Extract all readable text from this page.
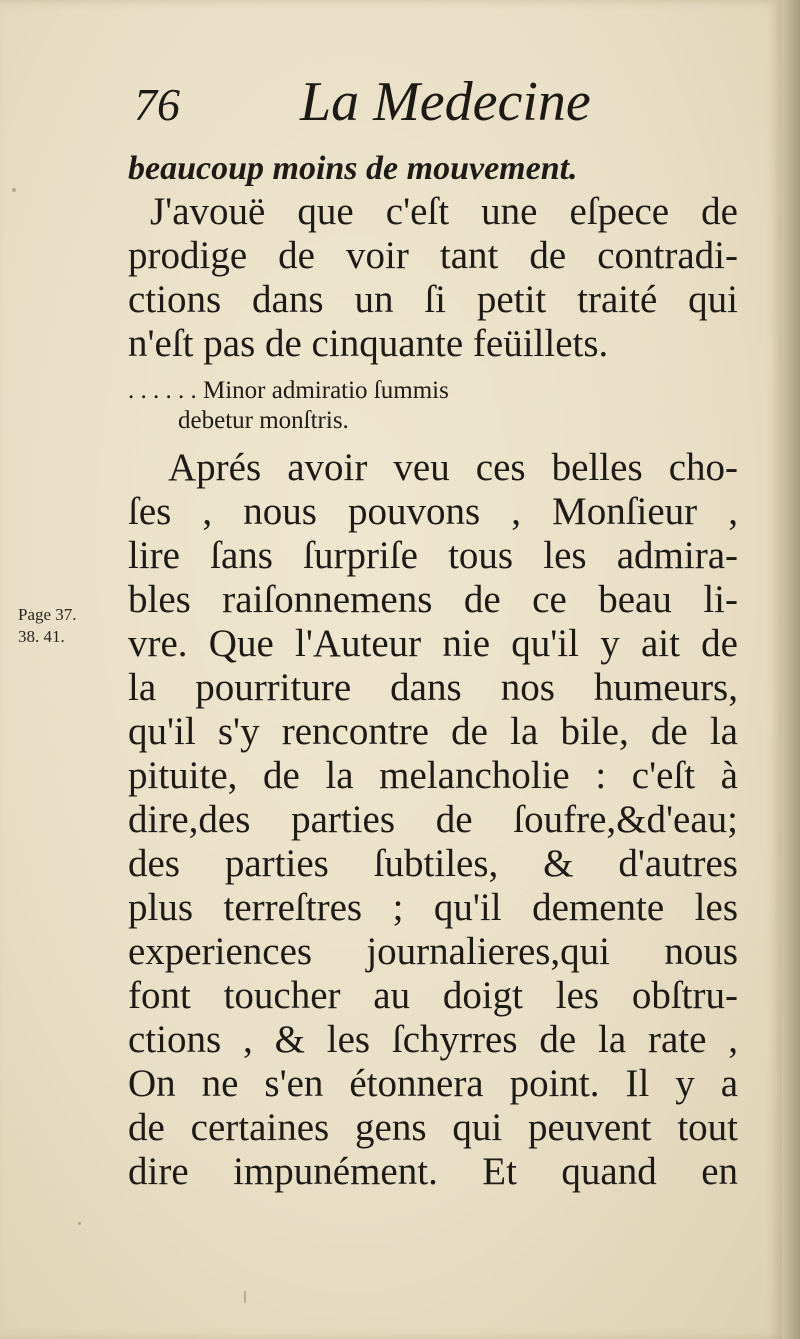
76 La Medecine
Page 37.
38. 41.
beaucoup moins de mouvement.
J'avouë que c'eſt une eſpece de
prodige de voir tant de contradi-
ctions dans un ſi petit traité qui
n'eſt pas de cinquante feüillets.
. . . . . . Minor admiratio ſummis
debetur monſtris.
Aprés avoir veu ces belles cho-
ſes , nous pouvons , Monſieur ,
lire ſans ſurpriſe tous les admira-
bles raiſonnemens de ce beau li-
vre. Que l'Auteur nie qu'il y ait de
la pourriture dans nos humeurs,
qu'il s'y rencontre de la bile, de la
pituite, de la melancholie : c'eſt à
dire,des parties de ſoufre,&d'eau;
des parties ſubtiles, & d'autres
plus terreſtres ; qu'il demente les
experiences journalieres,qui nous
font toucher au doigt les obſtru-
ctions , & les ſchyrres de la rate ,
On ne s'en étonnera point. Il y a
de certaines gens qui peuvent tout
dire impunément. Et quand en
